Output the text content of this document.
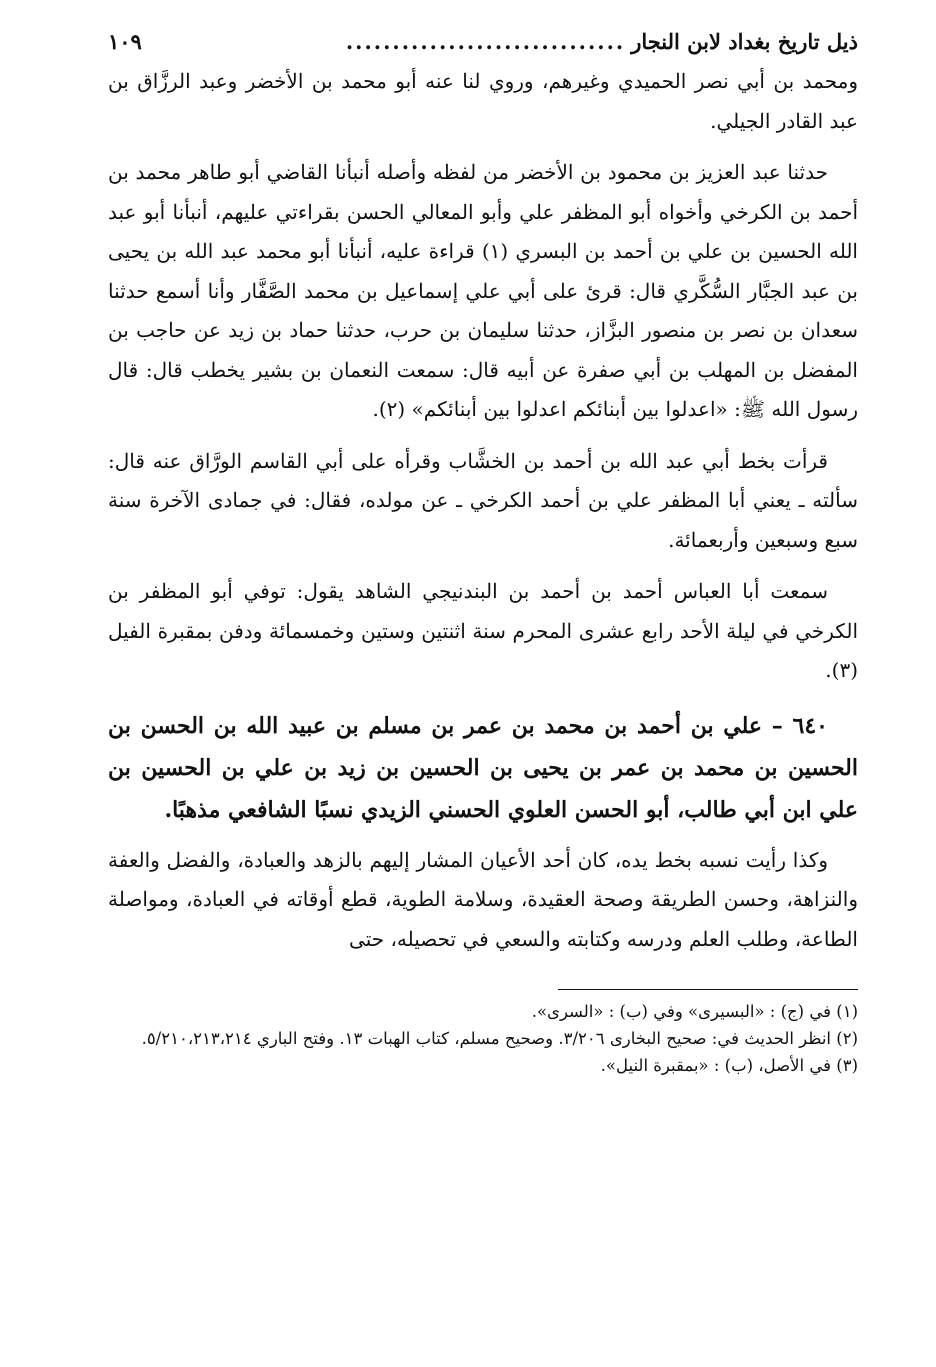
ذيل تاريخ بغداد لابن النجار
..............................
١٠٩

ومحمد بن أبي نصر الحميدي وغيرهم، وروي لنا عنه أبو محمد بن الأخضر وعبد الرزَّاق بن عبد القادر الجيلي.

حدثنا عبد العزيز بن محمود بن الأخضر من لفظه وأصله أنبأنا القاضي أبو طاهر محمد بن أحمد بن الكرخي وأخواه أبو المظفر علي وأبو المعالي الحسن بقراءتي عليهم، أنبأنا أبو عبد الله الحسين بن علي بن أحمد بن البسري (١) قراءة عليه، أنبأنا أبو محمد عبد الله بن يحيى بن عبد الجبَّار السُّكَّري قال: قرئ على أبي علي إسماعيل بن محمد الصَّفَّار وأنا أسمع حدثنا سعدان بن نصر بن منصور البزَّاز، حدثنا سليمان بن حرب، حدثنا حماد بن زيد عن حاجب بن المفضل بن المهلب بن أبي صفرة عن أبيه قال: سمعت النعمان بن بشير يخطب قال: قال رسول الله ﷺ: «اعدلوا بين أبنائكم اعدلوا بين أبنائكم» (٢).

قرأت بخط أبي عبد الله بن أحمد بن الخشَّاب وقرأه على أبي القاسم الورَّاق عنه قال: سألته ـ يعني أبا المظفر علي بن أحمد الكرخي ـ عن مولده، فقال: في جمادى الآخرة سنة سبع وسبعين وأربعمائة.

سمعت أبا العباس أحمد بن أحمد بن البندنيجي الشاهد يقول: توفي أبو المظفر بن الكرخي في ليلة الأحد رابع عشرى المحرم سنة اثنتين وستين وخمسمائة ودفن بمقبرة الفيل (٣).

٦٤٠ – علي بن أحمد بن محمد بن عمر بن مسلم بن عبيد الله بن الحسن بن الحسين بن محمد بن عمر بن يحيى بن الحسين بن زيد بن علي بن الحسين بن علي ابن أبي طالب، أبو الحسن العلوي الحسني الزيدي نسبًا الشافعي مذهبًا.

وكذا رأيت نسبه بخط يده، كان أحد الأعيان المشار إليهم بالزهد والعبادة، والفضل والعفة والنزاهة، وحسن الطريقة وصحة العقيدة، وسلامة الطوية، قطع أوقاته في العبادة، ومواصلة الطاعة، وطلب العلم ودرسه وكتابته والسعي في تحصيله، حتى

(١) في (ج) : «البسيرى» وفي (ب) : «السرى».

(٢) انظر الحديث في: صحيح البخارى ٣/٢٠٦. وصحيح مسلم، كتاب الهبات ١٣. وفتح الباري ٥/٢١٠،٢١٣،٢١٤.

(٣) في الأصل، (ب) : «بمقبرة النيل».
